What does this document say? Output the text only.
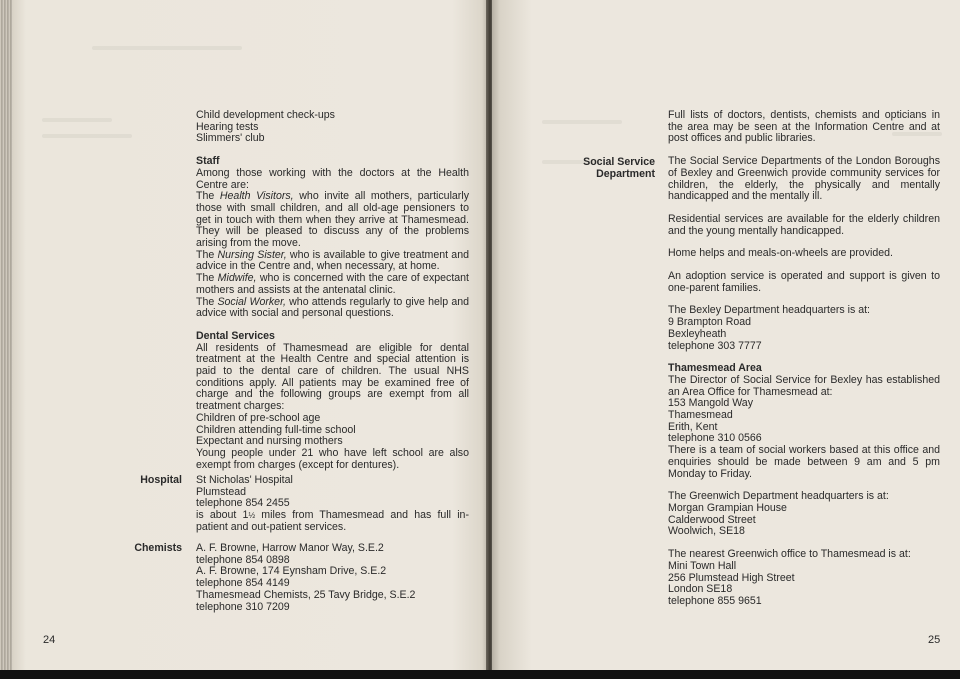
Child development check-ups

Hearing tests

Slimmers' club

Staff

Among those working with the doctors at the Health Centre are:

The Health Visitors, who invite all mothers, particularly those with small children, and all old-age pensioners to get in touch with them when they arrive at Thamesmead. They will be pleased to discuss any of the problems arising from the move.

The Nursing Sister, who is available to give treatment and advice in the Centre and, when necessary, at home.

The Midwife, who is concerned with the care of expectant mothers and assists at the antenatal clinic.

The Social Worker, who attends regularly to give help and advice with social and personal questions.

Dental Services

All residents of Thamesmead are eligible for dental treatment at the Health Centre and special attention is paid to the dental care of children. The usual NHS conditions apply. All patients may be examined free of charge and the following groups are exempt from all treatment charges:

Children of pre-school age

Children attending full-time school

Expectant and nursing mothers

Young people under 21 who have left school are also exempt from charges (except for dentures).

Hospital St Nicholas' Hospital

Plumstead

telephone 854 2455

is about 1½ miles from Thamesmead and has full in-patient and out-patient services.

Chemists A. F. Browne, Harrow Manor Way, S.E.2

telephone 854 0898

A. F. Browne, 174 Eynsham Drive, S.E.2

telephone 854 4149

Thamesmead Chemists, 25 Tavy Bridge, S.E.2

telephone 310 7209

24

Full lists of doctors, dentists, chemists and opticians in the area may be seen at the Information Centre and at post offices and public libraries.

The Social Service Departments of the London Boroughs of Bexley and Greenwich provide community services for children, the elderly, the physically and mentally handicapped and the mentally ill.

Residential services are available for the elderly children and the young mentally handicapped.

Home helps and meals-on-wheels are provided.

An adoption service is operated and support is given to one-parent families.

The Bexley Department headquarters is at:

9 Brampton Road

Bexleyheath

telephone 303 7777

Thamesmead Area

The Director of Social Service for Bexley has established an Area Office for Thamesmead at:

153 Mangold Way

Thamesmead

Erith, Kent

telephone 310 0566

There is a team of social workers based at this office and enquiries should be made between 9 am and 5 pm Monday to Friday.

The Greenwich Department headquarters is at:

Morgan Grampian House

Calderwood Street

Woolwich, SE18

The nearest Greenwich office to Thamesmead is at:

Mini Town Hall

256 Plumstead High Street

London SE18

telephone 855 9651

Social Service

Department

25
